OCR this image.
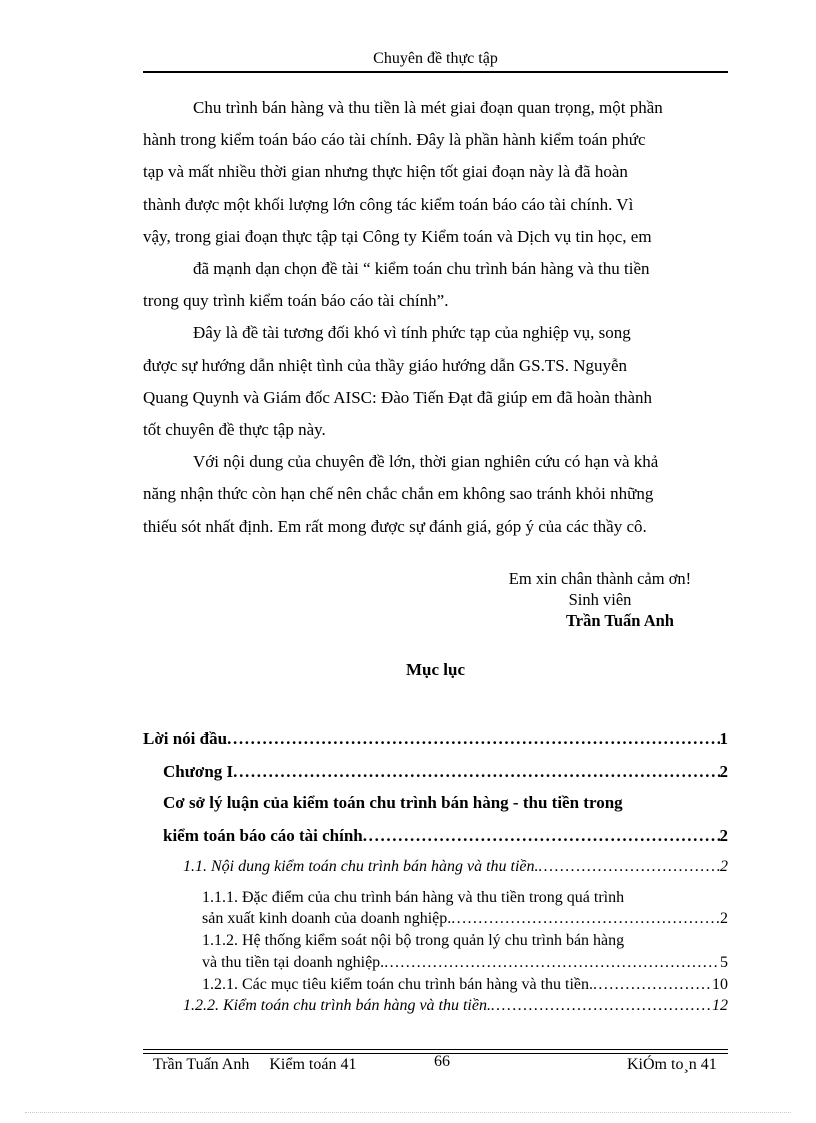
Chuyên đề thực tập

Chu trình bán hàng và thu tiền là mét giai đoạn quan trọng, một phần
hành trong kiểm toán báo cáo tài chính. Đây là phần hành kiểm toán phức
tạp và mất nhiều thời gian nhưng thực hiện tốt giai đoạn này là đã hoàn
thành được một khối lượng lớn công tác kiểm toán báo cáo tài chính. Vì
vậy, trong giai đoạn thực tập tại Công ty Kiểm toán và Dịch vụ tin học, em

đã mạnh dạn chọn đề tài “ kiểm toán chu trình bán hàng và thu tiền
trong quy trình kiểm toán báo cáo tài chính”.

Đây là đề tài tương đối khó vì tính phức tạp của nghiệp vụ, song
được sự hướng dẫn nhiệt tình của thầy giáo hướng dẫn GS.TS. Nguyễn
Quang Quynh và Giám đốc AISC: Đào Tiến Đạt đã giúp em đã hoàn thành
tốt chuyên đề thực tập này.

Với nội dung của chuyên đề lớn, thời gian nghiên cứu có hạn và khả
năng nhận thức còn hạn chế nên chắc chắn em không sao tránh khỏi những
thiếu sót nhất định. Em rất mong được sự đánh giá, góp ý của các thầy cô.

Em xin chân thành cảm ơn!
Sinh viên
Trần Tuấn Anh
Mục lục
Lời nói đầu . . .	1
Chương I . . .	2
Cơ sở lý luận của kiểm toán chu trình bán hàng - thu tiền trong
kiểm toán báo cáo tài chính . . .	2
1.1. Nội dung kiểm toán chu trình bán hàng và thu tiền. . . .	2
1.1.1. Đặc điểm của chu trình bán hàng và thu tiền trong quá trình
sản xuất kinh doanh của doanh nghiệp. . . .	2
1.1.2. Hệ thống kiểm soát nội bộ trong quản lý chu trình bán hàng
và thu tiền tại doanh nghiệp. . . .	5
1.2.1. Các mục tiêu kiểm toán chu trình bán hàng và thu tiền. . . .	10
1.2.2. Kiểm toán chu trình bán hàng và thu tiền. . . .	12
Trần Tuấn Anh Kiểm toán 41	66	KiÓm to¸n 41
